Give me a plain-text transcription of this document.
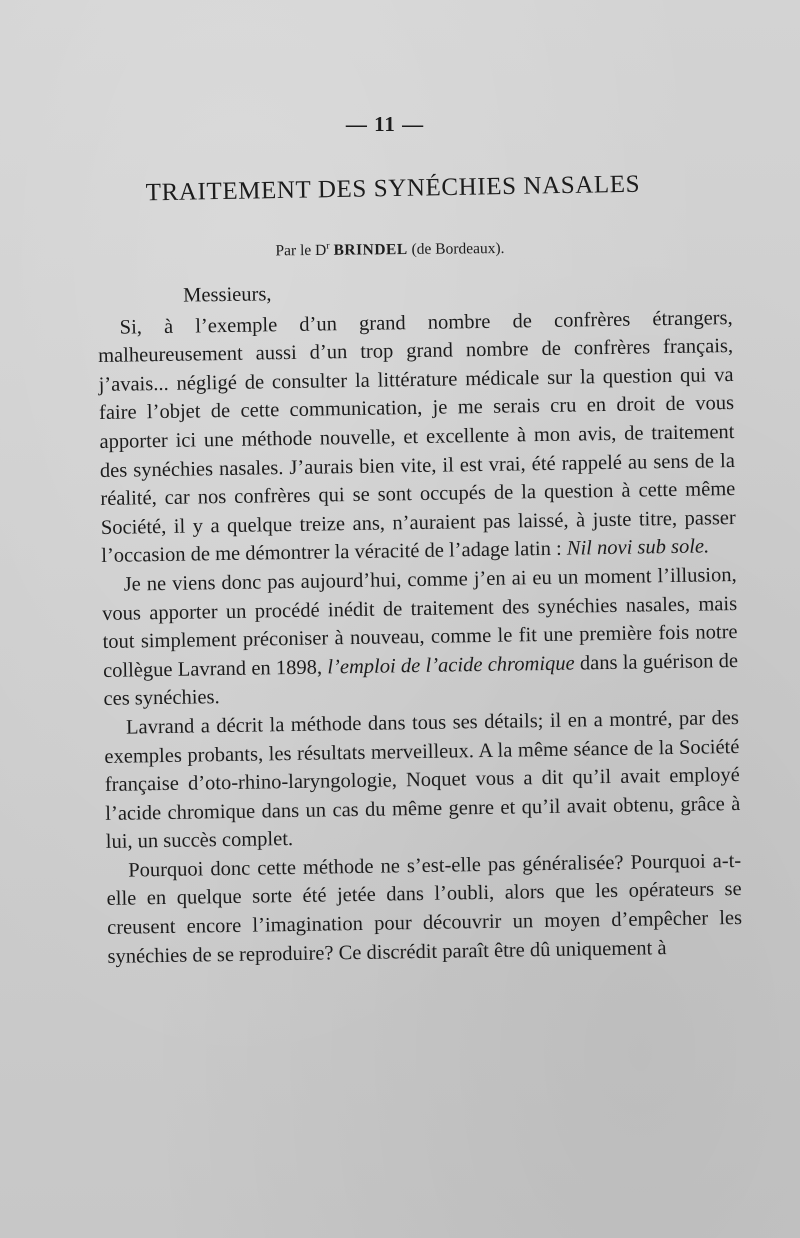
— 11 —
TRAITEMENT DES SYNÉCHIES NASALES
Par le $D^r$ BRINDEL (de Bordeaux).
Messieurs,

Si, à l’exemple d’un grand nombre de confrères étrangers, malheureusement aussi d’un trop grand nombre de confrères français, j’avais... négligé de consulter la littérature médicale sur la question qui va faire l’objet de cette communication, je me serais cru en droit de vous apporter ici une méthode nouvelle, et excellente à mon avis, de traitement des synéchies nasales. J’aurais bien vite, il est vrai, été rappelé au sens de la réalité, car nos confrères qui se sont occupés de la question à cette même Société, il y a quelque treize ans, n’auraient pas laissé, à juste titre, passer l’occasion de me démontrer la véracité de l’adage latin : Nil novi sub sole.

Je ne viens donc pas aujourd’hui, comme j’en ai eu un moment l’illusion, vous apporter un procédé inédit de traitement des synéchies nasales, mais tout simplement préconiser à nouveau, comme le fit une première fois notre collègue Lavrand en 1898, l’emploi de l’acide chromique dans la guérison de ces synéchies.

Lavrand a décrit la méthode dans tous ses détails; il en a montré, par des exemples probants, les résultats merveilleux. A la même séance de la Société française d’oto-rhino-laryngologie, Noquet vous a dit qu’il avait employé l’acide chromique dans un cas du même genre et qu’il avait obtenu, grâce à lui, un succès complet.

Pourquoi donc cette méthode ne s’est-elle pas généralisée? Pourquoi a-t-elle en quelque sorte été jetée dans l’oubli, alors que les opérateurs se creusent encore l’imagination pour découvrir un moyen d’empêcher les synéchies de se reproduire? Ce discrédit paraît être dû uniquement à
